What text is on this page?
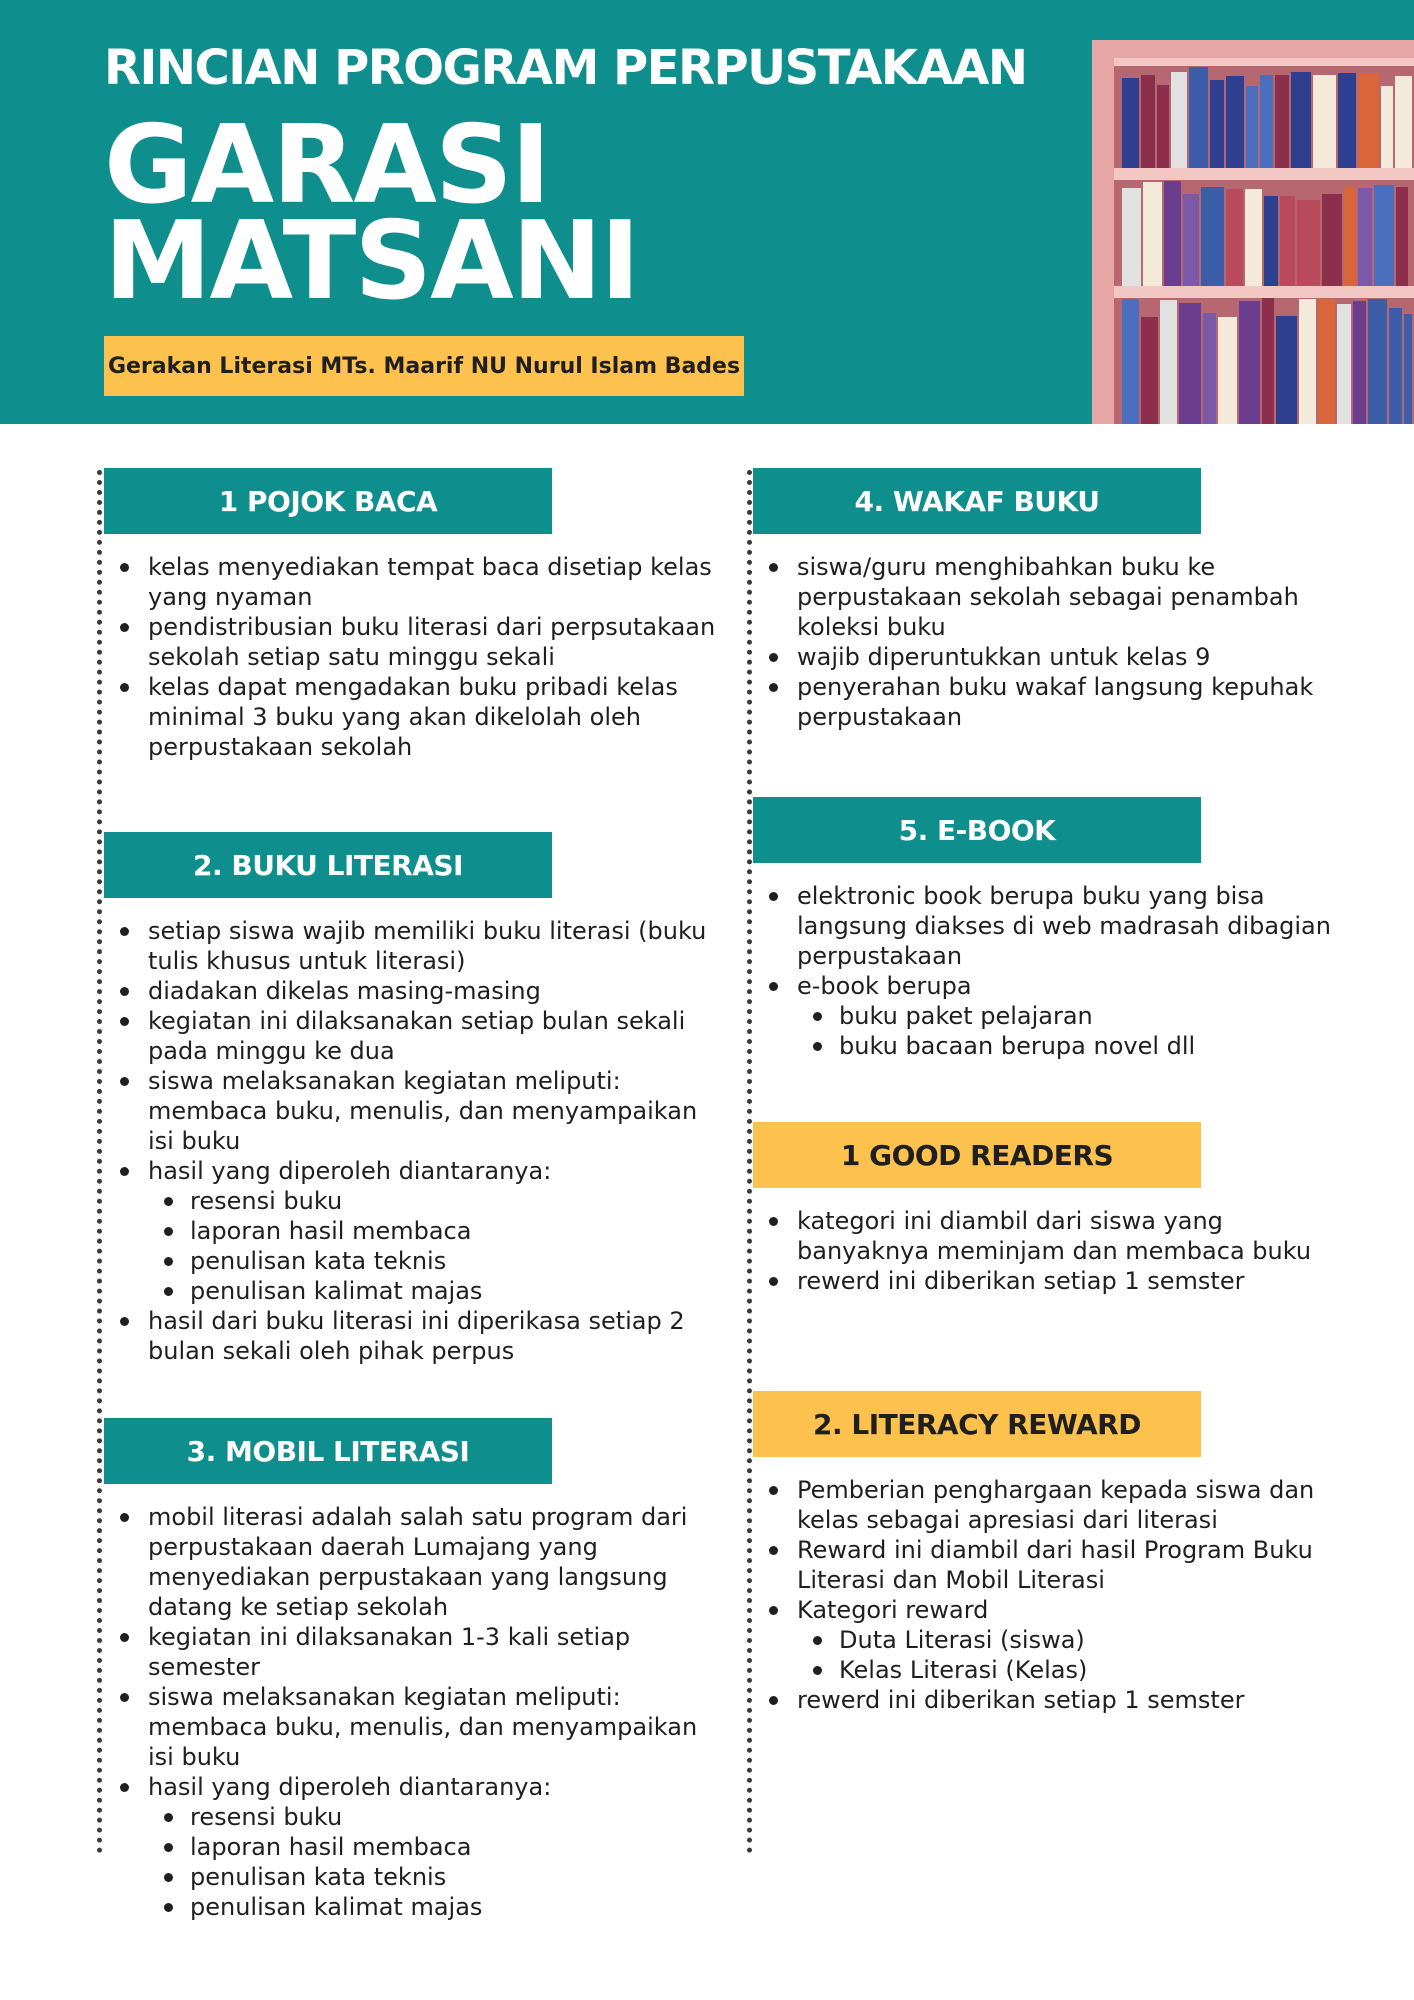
RINCIAN PROGRAM PERPUSTAKAAN
GARASI
MATSANI
Gerakan Literasi MTs. Maarif NU Nurul Islam Bades
1 POJOK BACA
kelas menyediakan tempat baca disetiap kelas yang nyaman
pendistribusian buku literasi dari perpsutakaan sekolah setiap satu minggu sekali
kelas dapat mengadakan buku pribadi kelas minimal 3 buku yang akan dikelolah oleh perpustakaan sekolah
2. BUKU LITERASI
setiap siswa wajib memiliki buku literasi (buku tulis khusus untuk literasi)
diadakan dikelas masing-masing
kegiatan ini dilaksanakan setiap bulan sekali pada minggu ke dua
siswa melaksanakan kegiatan meliputi: membaca buku, menulis, dan menyampaikan isi buku
hasil yang diperoleh diantaranya:
resensi buku
laporan hasil membaca
penulisan kata teknis
penulisan kalimat majas
hasil dari buku literasi ini diperikasa setiap 2 bulan sekali oleh pihak perpus
3. MOBIL LITERASI
mobil literasi adalah salah satu program dari perpustakaan daerah Lumajang yang menyediakan perpustakaan yang langsung datang ke setiap sekolah
kegiatan ini dilaksanakan 1-3 kali setiap semester
siswa melaksanakan kegiatan meliputi: membaca buku, menulis, dan menyampaikan isi buku
hasil yang diperoleh diantaranya:
resensi buku
laporan hasil membaca
penulisan kata teknis
penulisan kalimat majas
4. WAKAF BUKU
siswa/guru menghibahkan buku ke perpustakaan sekolah sebagai penambah koleksi buku
wajib diperuntukkan untuk kelas 9
penyerahan buku wakaf langsung kepuhak perpustakaan
5. E-BOOK
elektronic book berupa buku yang bisa langsung diakses di web madrasah dibagian perpustakaan
e-book berupa
buku paket pelajaran
buku bacaan berupa novel dll
1 GOOD READERS
kategori ini diambil dari siswa yang banyaknya meminjam dan membaca buku
rewerd ini diberikan setiap 1 semster
2. LITERACY REWARD
Pemberian penghargaan kepada siswa dan kelas sebagai apresiasi dari literasi
Reward ini diambil dari hasil Program Buku Literasi dan Mobil Literasi
Kategori reward
Duta Literasi (siswa)
Kelas Literasi (Kelas)
rewerd ini diberikan setiap 1 semster
